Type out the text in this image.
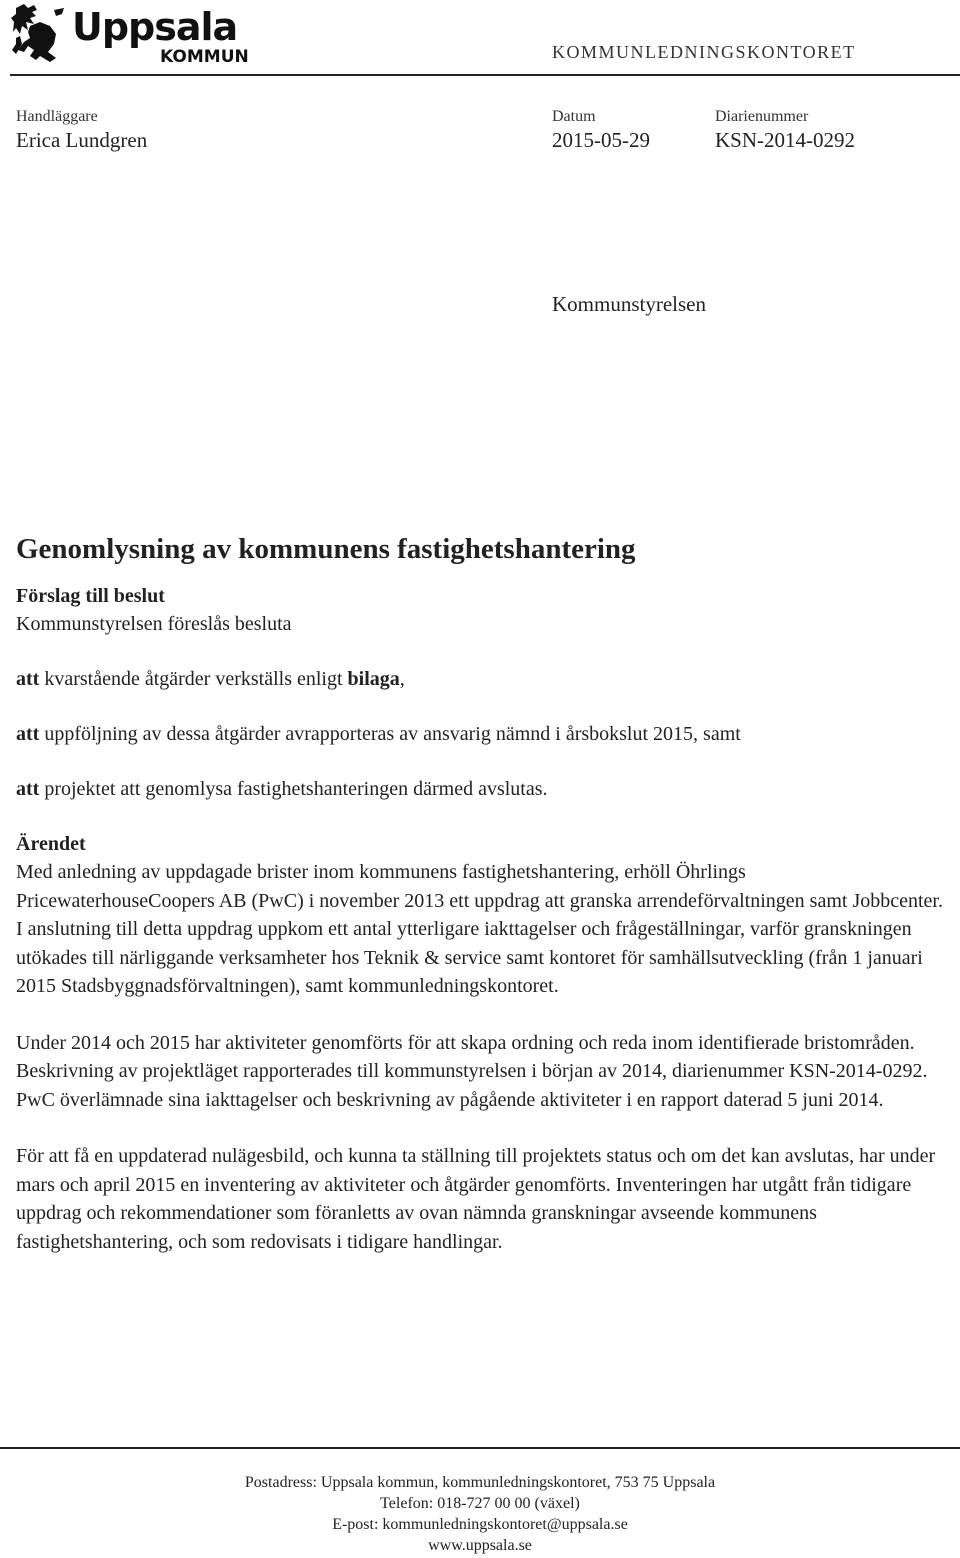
Uppsala
KOMMUN	KOMMUNLEDNINGSKONTORET
Handläggare
Erica Lundgren
Datum
2015-05-29
Diarienummer
KSN-2014-0292
Kommunstyrelsen
Genomlysning av kommunens fastighetshantering

Förslag till beslut

Kommunstyrelsen föreslås besluta

att kvarstående åtgärder verkställs enligt bilaga,

att uppföljning av dessa åtgärder avrapporteras av ansvarig nämnd i årsbokslut 2015, samt

att projektet att genomlysa fastighetshanteringen därmed avslutas.

Ärendet

Med anledning av uppdagade brister inom kommunens fastighetshantering, erhöll Öhrlings PricewaterhouseCoopers AB (PwC) i november 2013 ett uppdrag att granska arrendeförvaltningen samt Jobbcenter. I anslutning till detta uppdrag uppkom ett antal ytterligare iakttagelser och frågeställningar, varför granskningen utökades till närliggande verksamheter hos Teknik & service samt kontoret för samhällsutveckling (från 1 januari 2015 Stadsbyggnadsförvaltningen), samt kommunledningskontoret.

Under 2014 och 2015 har aktiviteter genomförts för att skapa ordning och reda inom identifierade bristområden. Beskrivning av projektläget rapporterades till kommunstyrelsen i början av 2014, diarienummer KSN-2014-0292. PwC överlämnade sina iakttagelser och beskrivning av pågående aktiviteter i en rapport daterad 5 juni 2014.

För att få en uppdaterad nulägesbild, och kunna ta ställning till projektets status och om det kan avslutas, har under mars och april 2015 en inventering av aktiviteter och åtgärder genomförts. Inventeringen har utgått från tidigare uppdrag och rekommendationer som föranletts av ovan nämnda granskningar avseende kommunens fastighetshantering, och som redovisats i tidigare handlingar.

Postadress: Uppsala kommun, kommunledningskontoret, 753 75 Uppsala
Telefon: 018-727 00 00 (växel)
E-post: kommunledningskontoret@uppsala.se
www.uppsala.se
